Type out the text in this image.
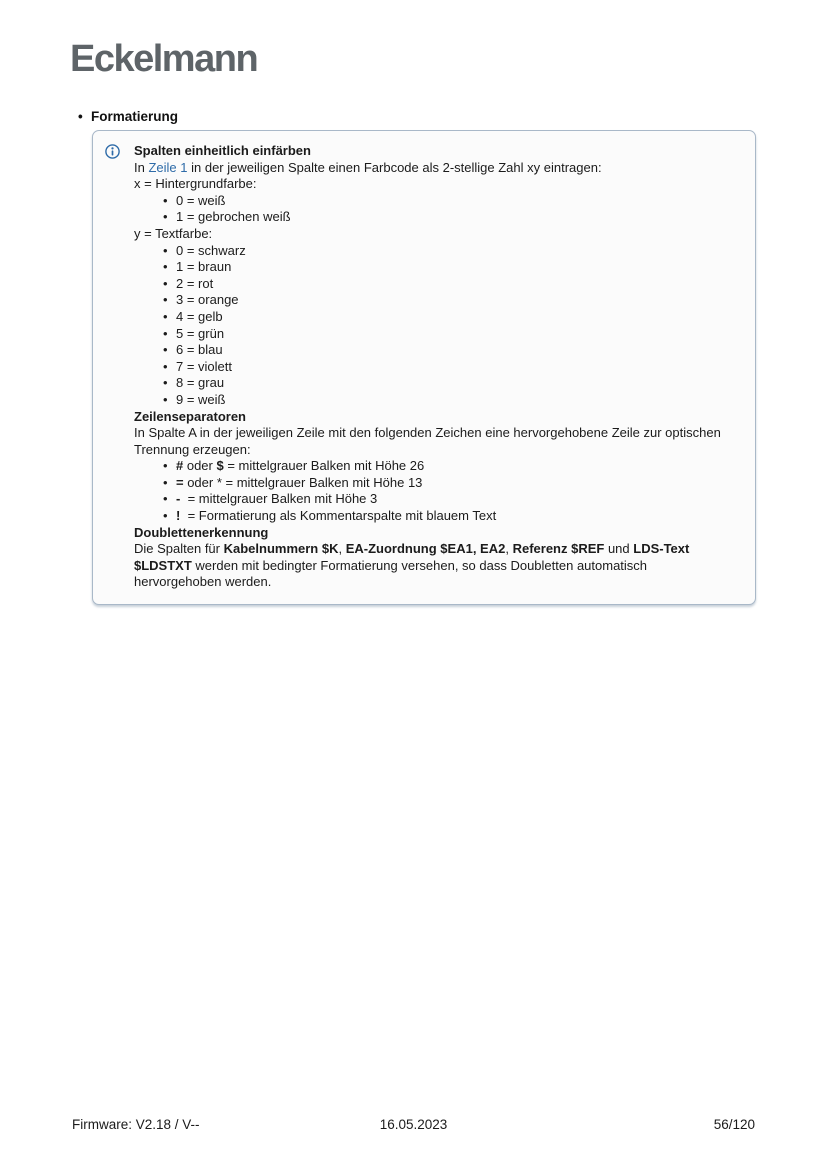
Eckelmann
• Formatierung
Spalten einheitlich einfärben
In Zeile 1 in der jeweiligen Spalte einen Farbcode als 2-stellige Zahl xy eintragen:
x = Hintergrundfarbe:
• 0 = weiß
• 1 = gebrochen weiß
y = Textfarbe:
• 0 = schwarz
• 1 = braun
• 2 = rot
• 3 = orange
• 4 = gelb
• 5 = grün
• 6 = blau
• 7 = violett
• 8 = grau
• 9 = weiß
Zeilenseparatoren
In Spalte A in der jeweiligen Zeile mit den folgenden Zeichen eine hervorgehobene Zeile zur optischen Trennung erzeugen:
• # oder $ = mittelgrauer Balken mit Höhe 26
• = oder * = mittelgrauer Balken mit Höhe 13
• -  = mittelgrauer Balken mit Höhe 3
• !  = Formatierung als Kommentarspalte mit blauem Text
Doublettenerkennung
Die Spalten für Kabelnummern $K, EA-Zuordnung $EA1, EA2, Referenz $REF und LDS-Text $LDSTXT werden mit bedingter Formatierung versehen, so dass Doubletten automatisch hervorgehoben werden.
Firmware: V2.18 / V--	16.05.2023	56/120
